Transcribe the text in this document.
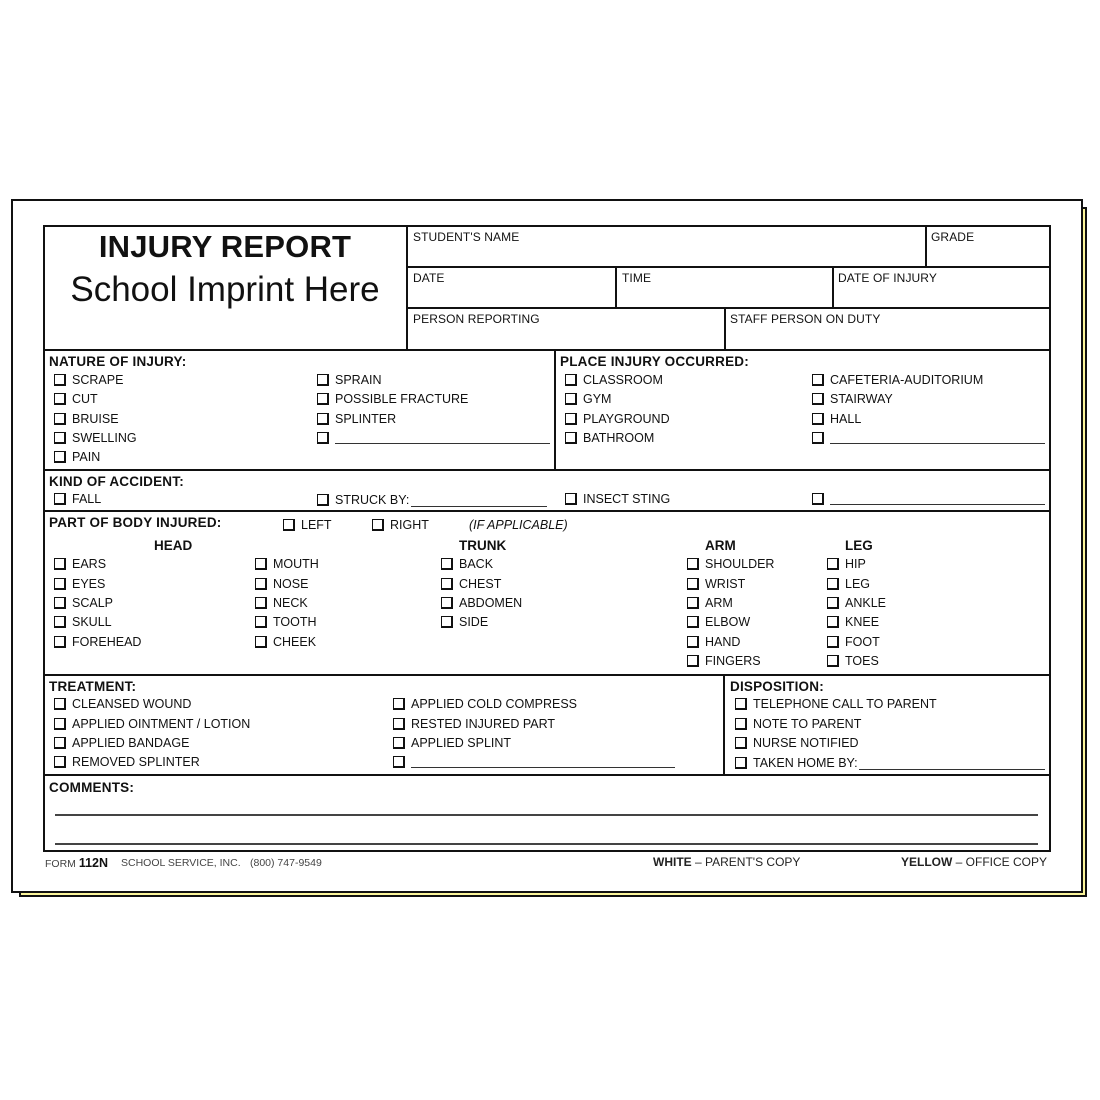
INJURY REPORT
School Imprint Here
STUDENT'S NAME	GRADE
DATE	TIME	DATE OF INJURY
PERSON REPORTING	STAFF PERSON ON DUTY
NATURE OF INJURY:
SCRAPE
CUT
BRUISE
SWELLING
PAIN
SPRAIN
POSSIBLE FRACTURE
SPLINTER
PLACE INJURY OCCURRED:
CLASSROOM
GYM
PLAYGROUND
BATHROOM
CAFETERIA-AUDITORIUM
STAIRWAY
HALL
KIND OF ACCIDENT:
FALL	STRUCK BY:	INSECT STING
PART OF BODY INJURED:	LEFT	RIGHT	(IF APPLICABLE)
HEAD	TRUNK	ARM	LEG
EARS
EYES
SCALP
SKULL
FOREHEAD
MOUTH
NOSE
NECK
TOOTH
CHEEK
BACK
CHEST
ABDOMEN
SIDE
SHOULDER
WRIST
ARM
ELBOW
HAND
FINGERS
HIP
LEG
ANKLE
KNEE
FOOT
TOES
TREATMENT:
CLEANSED WOUND
APPLIED OINTMENT / LOTION
APPLIED BANDAGE
REMOVED SPLINTER
APPLIED COLD COMPRESS
RESTED INJURED PART
APPLIED SPLINT
DISPOSITION:
TELEPHONE CALL TO PARENT
NOTE TO PARENT
NURSE NOTIFIED
TAKEN HOME BY:
COMMENTS:
FORM 112N SCHOOL SERVICE, INC. (800) 747-9549	WHITE – PARENT'S COPY	YELLOW – OFFICE COPY
